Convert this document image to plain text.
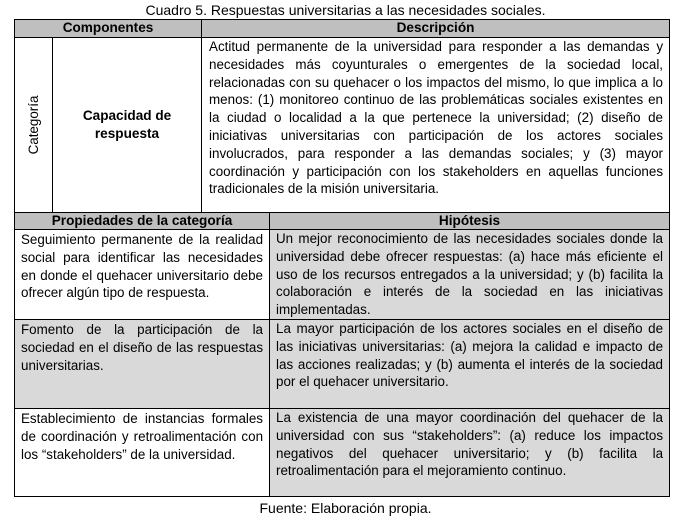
Cuadro 5. Respuestas universitarias a las necesidades sociales.
Componentes		Descripción	

Categoría	Capacidad de respuesta	Actitud permanente de la universidad para responder a las demandas y necesidades más coyunturales o emergentes de la sociedad local, relacionadas con su quehacer o los impactos del mismo, lo que implica a lo menos: (1) monitoreo continuo de las problemáticas sociales existentes en la ciudad o localidad a la que pertenece la universidad; (2) diseño de iniciativas universitarias con participación de los actores sociales involucrados, para responder a las demandas sociales; y (3) mayor coordinación y participación con los stakeholders en aquellas funciones tradicionales de la misión universitaria.	
Propiedades de la categoría			Hipótesis
Seguimiento permanente de la realidad social para identificar las necesidades en donde el quehacer universitario debe ofrecer algún tipo de respuesta.			Un mejor reconocimiento de las necesidades sociales donde la universidad debe ofrecer respuestas: (a) hace más eficiente el uso de los recursos entregados a la universidad; y (b) facilita la colaboración e interés de la sociedad en las iniciativas implementadas.
Fomento de la participación de la sociedad en el diseño de las respuestas universitarias.			La mayor participación de los actores sociales en el diseño de las iniciativas universitarias: (a) mejora la calidad e impacto de las acciones realizadas; y (b) aumenta el interés de la sociedad por el quehacer universitario.
Establecimiento de instancias formales de coordinación y retroalimentación con los “stakeholders” de la universidad.			La existencia de una mayor coordinación del quehacer de la universidad con sus “stakeholders”: (a) reduce los impactos negativos del quehacer universitario; y (b) facilita la retroalimentación para el mejoramiento continuo.
Fuente: Elaboración propia.
